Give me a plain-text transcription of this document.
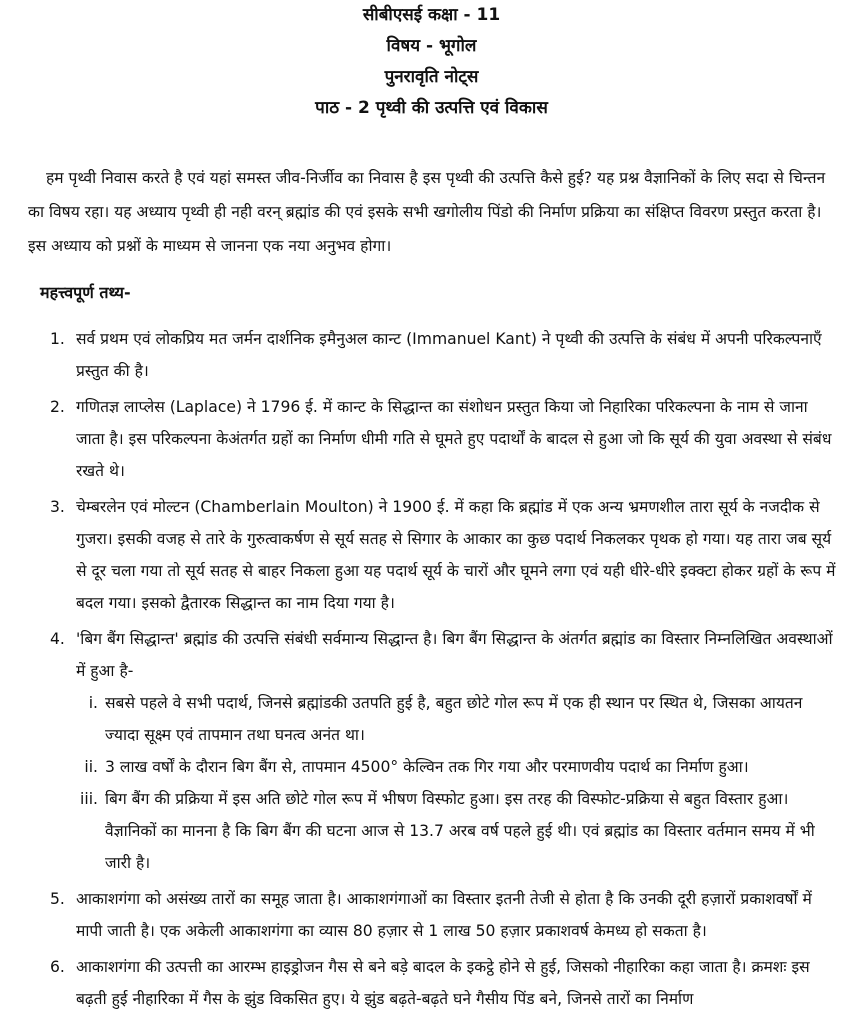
सीबीएसई कक्षा - 11
विषय - भूगोल
पुनरावृति नोट्स
पाठ - 2 पृथ्वी की उत्पत्ति एवं विकास

हम पृथ्वी निवास करते है एवं यहां समस्त जीव-निर्जीव का निवास है इस पृथ्वी की उत्पत्ति कैसे हुई? यह प्रश्न वैज्ञानिकों के लिए सदा से चिन्तन का विषय रहा। यह अध्याय पृथ्वी ही नही वरन् ब्रह्मांड की एवं इसके सभी खगोलीय पिंडो की निर्माण प्रक्रिया का संक्षिप्त विवरण प्रस्तुत करता है।इस अध्याय को प्रश्नों के माध्यम से जानना एक नया अनुभव होगा।

महत्त्वपूर्ण तथ्य-
1. सर्व प्रथम एवं लोकप्रिय मत जर्मन दार्शनिक इमैनुअल कान्ट (Immanuel Kant) ने पृथ्वी की उत्पत्ति के संबंध में अपनी परिकल्पनाएँ प्रस्तुत की है।
2. गणितज्ञ लाप्लेस (Laplace) ने 1796 ई. में कान्ट के सिद्धान्त का संशोधन प्रस्तुत किया जो निहारिका परिकल्पना के नाम से जाना जाता है। इस परिकल्पना केअंतर्गत ग्रहों का निर्माण धीमी गति से घूमते हुए पदार्थों के बादल से हुआ जो कि सूर्य की युवा अवस्था से संबंध रखते थे।
3. चेम्बरलेन एवं मोल्टन (Chamberlain Moulton) ने 1900 ई. में कहा कि ब्रह्मांड में एक अन्य भ्रमणशील तारा सूर्य के नजदीक से गुजरा। इसकी वजह से तारे के गुरुत्वाकर्षण से सूर्य सतह से सिगार के आकार का कुछ पदार्थ निकलकर पृथक हो गया। यह तारा जब सूर्य से दूर चला गया तो सूर्य सतह से बाहर निकला हुआ यह पदार्थ सूर्य के चारों और घूमने लगा एवं यही धीरे-धीरे इक्क्टा होकर ग्रहों के रूप में बदल गया। इसको द्वैतारक सिद्धान्त का नाम दिया गया है।
4. 'बिग बैंग सिद्धान्त' ब्रह्मांड की उत्पत्ति संबंधी सर्वमान्य सिद्धान्त है। बिग बैंग सिद्धान्त के अंतर्गत ब्रह्मांड का विस्तार निम्नलिखित अवस्थाओं में हुआ है-
i. सबसे पहले वे सभी पदार्थ, जिनसे ब्रह्मांडकी उतपति हुई है, बहुत छोटे गोल रूप में एक ही स्थान पर स्थित थे, जिसका आयतन ज्यादा सूक्ष्म एवं तापमान तथा घनत्व अनंत था।
ii. 3 लाख वर्षों के दौरान बिग बैंग से, तापमान 4500° केल्विन तक गिर गया और परमाणवीय पदार्थ का निर्माण हुआ।
iii. बिग बैंग की प्रक्रिया में इस अति छोटे गोल रूप में भीषण विस्फोट हुआ। इस तरह की विस्फोट-प्रक्रिया से बहुत विस्तार हुआ। वैज्ञानिकों का मानना है कि बिग बैंग की घटना आज से 13.7 अरब वर्ष पहले हुई थी। एवं ब्रह्मांड का विस्तार वर्तमान समय में भी जारी है।
5. आकाशगंगा को असंख्य तारों का समूह जाता है। आकाशगंगाओं का विस्तार इतनी तेजी से होता है कि उनकी दूरी हज़ारों प्रकाशवर्षों में मापी जाती है। एक अकेली आकाशगंगा का व्यास 80 हज़ार से 1 लाख 50 हज़ार प्रकाशवर्ष केमध्य हो सकता है।
6. आकाशगंगा की उत्पत्ती का आरम्भ हाइड्रोजन गैस से बने बड़े बादल के इकट्ठे होने से हुई, जिसको नीहारिका कहा जाता है। क्रमशः इस बढ़ती हुई नीहारिका में गैस के झुंड विकसित हुए। ये झुंड बढ़ते-बढ़ते घने गैसीय पिंड बने, जिनसे तारों का निर्माण
